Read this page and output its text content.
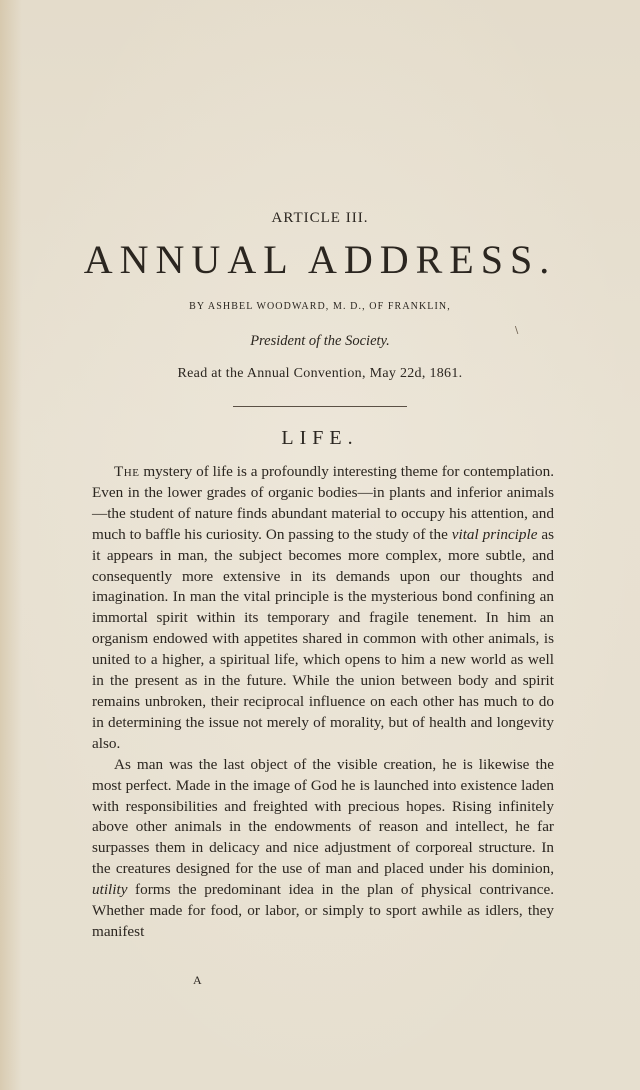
ARTICLE III.
ANNUAL ADDRESS.
BY ASHBEL WOODWARD, M. D., OF FRANKLIN,
President of the Society.
Read at the Annual Convention, May 22d, 1861.
∖
LIFE.

The mystery of life is a profoundly interesting theme for contemplation. Even in the lower grades of organic bodies—in plants and inferior animals—the student of nature finds abundant material to occupy his attention, and much to baffle his curiosity. On passing to the study of the vital principle as it appears in man, the subject becomes more complex, more subtle, and consequently more extensive in its demands upon our thoughts and imagination. In man the vital principle is the mysterious bond confining an immortal spirit within its temporary and fragile tenement. In him an organism endowed with appetites shared in common with other animals, is united to a higher, a spiritual life, which opens to him a new world as well in the present as in the future. While the union between body and spirit remains unbroken, their reciprocal influence on each other has much to do in determining the issue not merely of morality, but of health and longevity also.

As man was the last object of the visible creation, he is likewise the most perfect. Made in the image of God he is launched into existence laden with responsibilities and freighted with precious hopes. Rising infinitely above other animals in the endowments of reason and intellect, he far surpasses them in delicacy and nice adjustment of corporeal structure. In the creatures designed for the use of man and placed under his dominion, utility forms the predominant idea in the plan of physical contrivance. Whether made for food, or labor, or simply to sport awhile as idlers, they manifest

A
